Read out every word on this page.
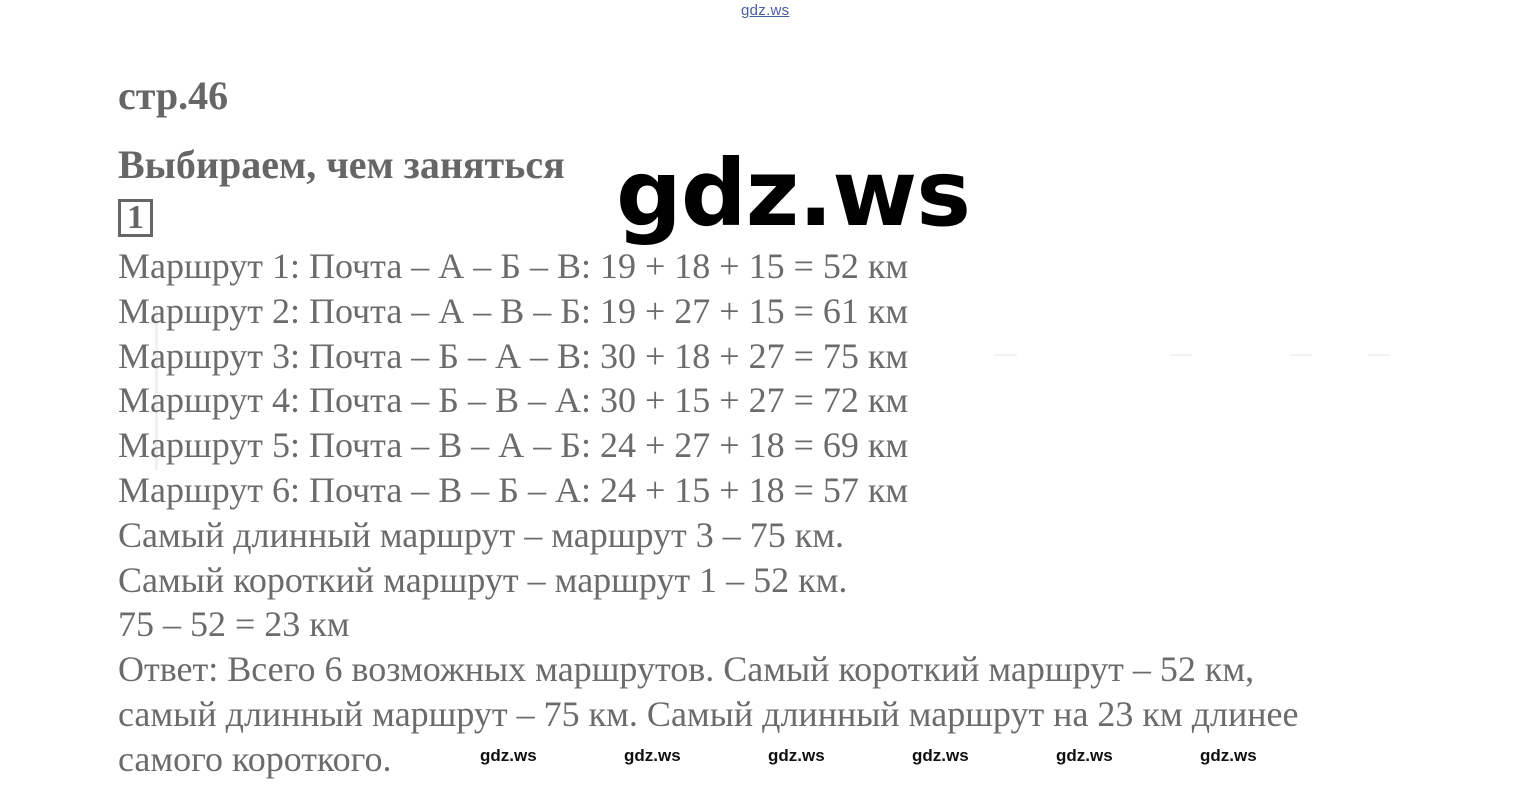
gdz.ws
стр.46
Выбираем, чем заняться gdz.ws
1
Маршрут 1: Почта – А – Б – В: 19 + 18 + 15 = 52 км
Маршрут 2: Почта – А – В – Б: 19 + 27 + 15 = 61 км
Маршрут 3: Почта – Б – А – В: 30 + 18 + 27 = 75 км
Маршрут 4: Почта – Б – В – А: 30 + 15 + 27 = 72 км
Маршрут 5: Почта – В – А – Б: 24 + 27 + 18 = 69 км
Маршрут 6: Почта – В – Б – А: 24 + 15 + 18 = 57 км
Самый длинный маршрут – маршрут 3 – 75 км.
Самый короткий маршрут – маршрут 1 – 52 км.
75 – 52 = 23 км
Ответ: Всего 6 возможных маршрутов. Самый короткий маршрут – 52 км,
самый длинный маршрут – 75 км. Самый длинный маршрут на 23 км длинее
самого короткого.	gdz.ws	gdz.ws	gdz.ws	gdz.ws	gdz.ws	gdz.ws
